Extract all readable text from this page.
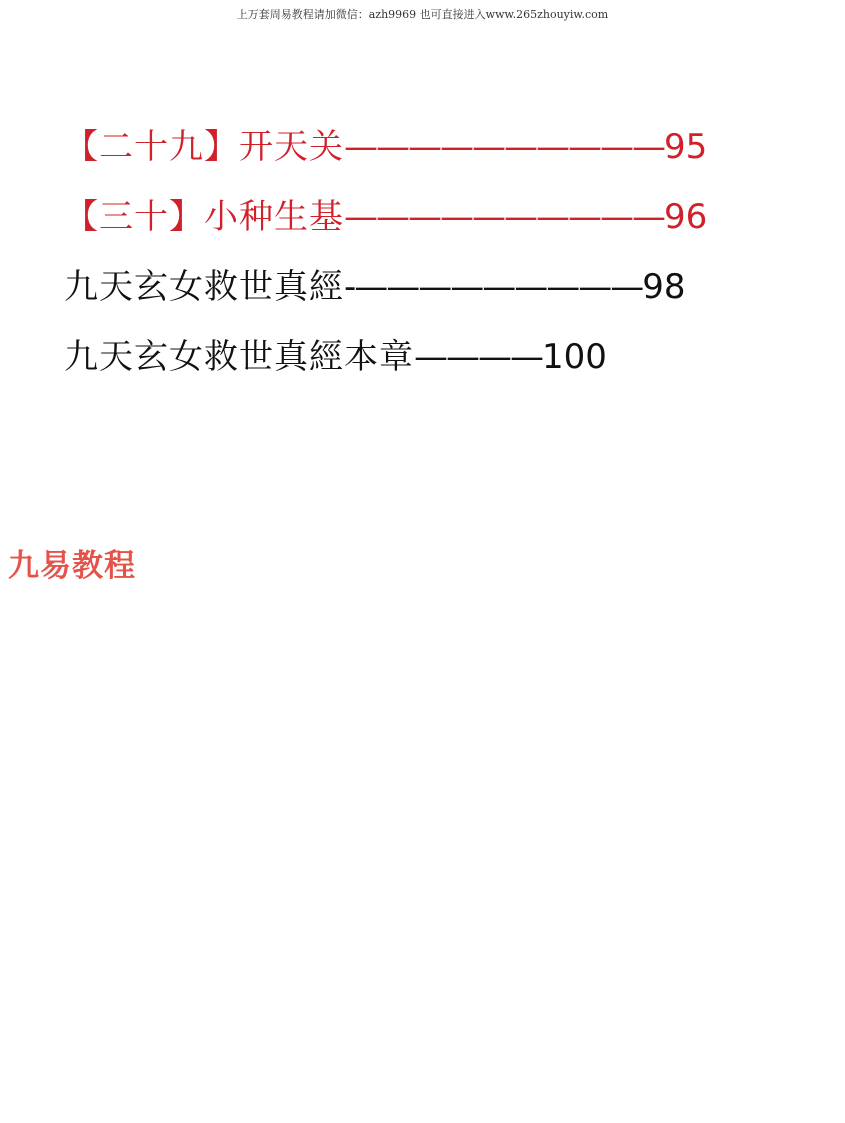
上万套周易教程请加微信：azh9969 也可直接进入www.265zhouyiw.com
【二十九】开天关 —————————— 95
【三十】小种生基 —————————— 96
九天玄女救世真經 -————————— 98
九天玄女救世真經本章 ———— 100
九易教程
